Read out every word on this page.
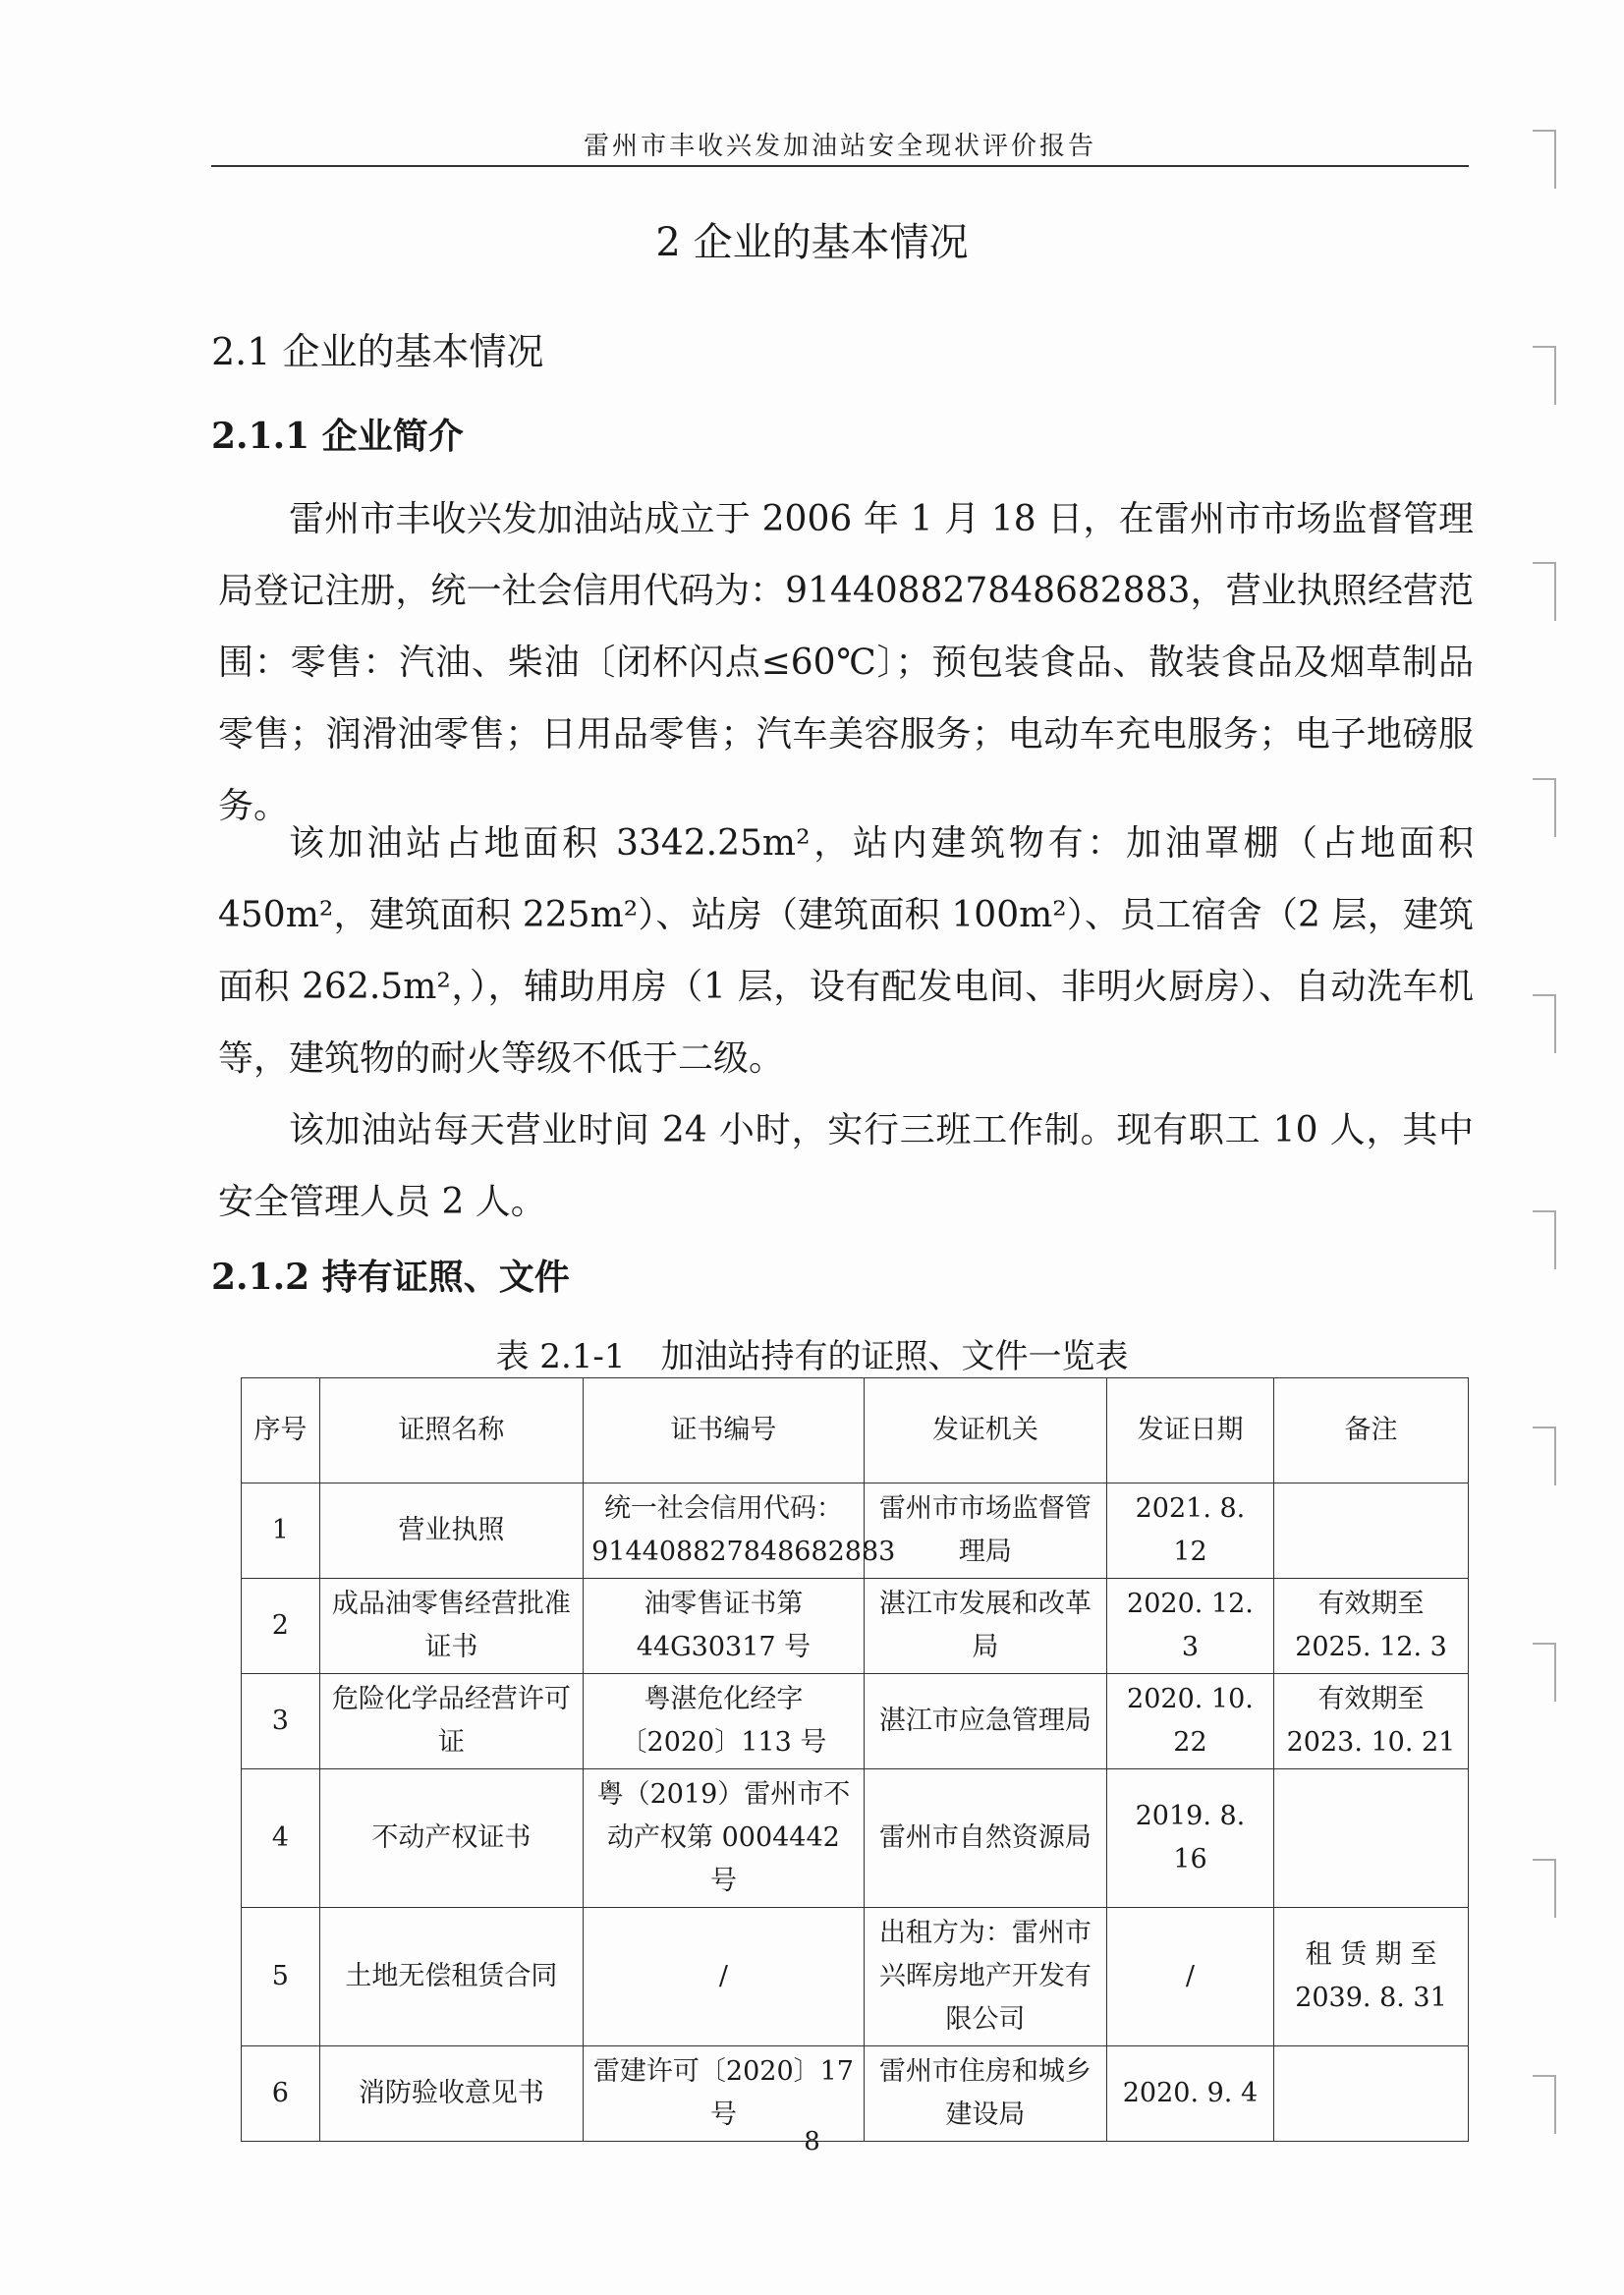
雷州市丰收兴发加油站安全现状评价报告
2 企业的基本情况
2.1 企业的基本情况
2.1.1 企业简介
雷州市丰收兴发加油站成立于 2006 年 1 月 18 日，在雷州市市场监督管理局登记注册，统一社会信用代码为：914408827848682883，营业执照经营范围：零售：汽油、柴油〔闭杯闪点≤60℃〕；预包装食品、散装食品及烟草制品零售；润滑油零售；日用品零售；汽车美容服务；电动车充电服务；电子地磅服务。
该加油站占地面积 3342.25m²，站内建筑物有：加油罩棚（占地面积 450m²，建筑面积 225m²）、站房（建筑面积 100m²）、员工宿舍（2 层，建筑面积 262.5m²，），辅助用房（1 层，设有配发电间、非明火厨房）、自动洗车机等，建筑物的耐火等级不低于二级。
该加油站每天营业时间 24 小时，实行三班工作制。现有职工 10 人，其中安全管理人员 2 人。
2.1.2 持有证照、文件
表 2.1-1 加油站持有的证照、文件一览表
序号	证照名称	证书编号	发证机关	发证日期	备注
1	营业执照	统一社会信用代码：914408827848682883	雷州市市场监督管理局	2021. 8. 12	
2	成品油零售经营批准证书	油零售证书第44G30317 号	湛江市发展和改革局	2020. 12. 3	有效期至2025. 12. 3
3	危险化学品经营许可证	粤湛危化经字〔2020〕113 号	湛江市应急管理局	2020. 10. 22	有效期至2023. 10. 21
4	不动产权证书	粤（2019）雷州市不动产权第 0004442 号	雷州市自然资源局	2019. 8. 16	
5	土地无偿租赁合同	/	出租方为：雷州市兴晖房地产开发有限公司	/	租 赁 期 至2039. 8. 31
6	消防验收意见书	雷建许可〔2020〕17号	雷州市住房和城乡建设局	2020. 9. 4	
8
